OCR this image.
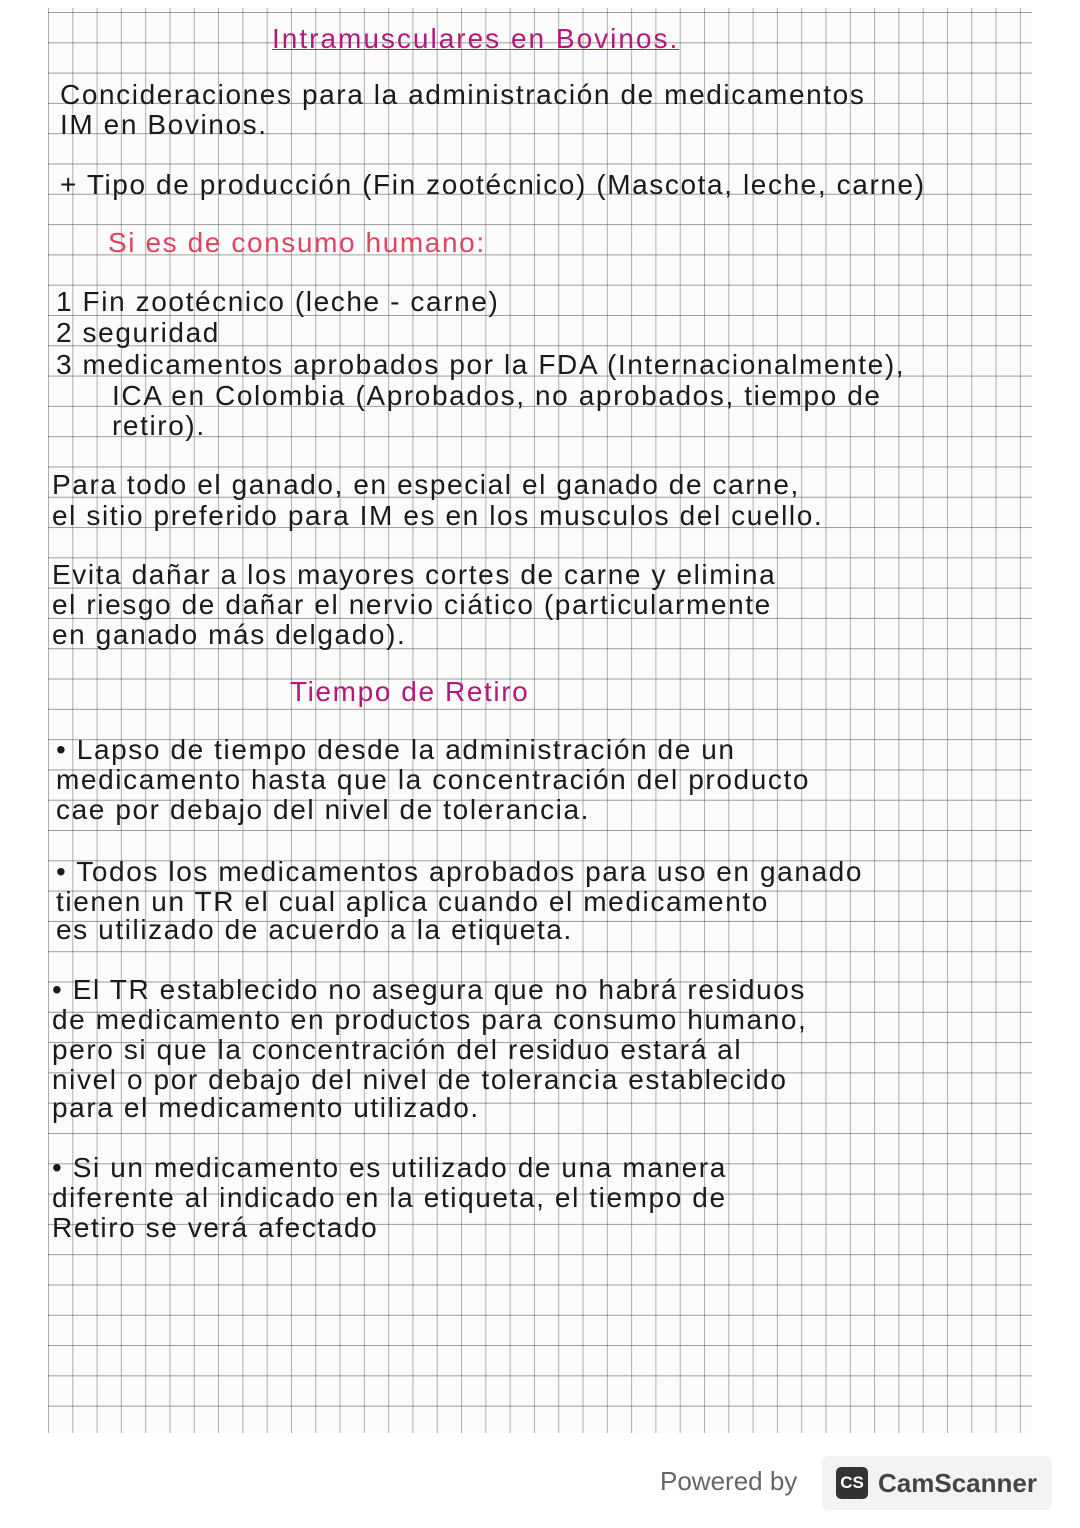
Intramusculares en Bovinos.
Concideraciones para la administración de medicamentos
IM en Bovinos.
+ Tipo de producción (Fin zootécnico) (Mascota, leche, carne)
Si es de consumo humano:
1 Fin zootécnico (leche - carne)
2 seguridad
3 medicamentos aprobados por la FDA (Internacionalmente),
ICA en Colombia (Aprobados, no aprobados, tiempo de
retiro).
Para todo el ganado, en especial el ganado de carne,
el sitio preferido para IM es en los musculos del cuello.
Evita dañar a los mayores cortes de carne y elimina
el riesgo de dañar el nervio ciático (particularmente
en ganado más delgado).
Tiempo de Retiro
• Lapso de tiempo desde la administración de un
medicamento hasta que la concentración del producto
cae por debajo del nivel de tolerancia.
• Todos los medicamentos aprobados para uso en ganado
tienen un TR el cual aplica cuando el medicamento
es utilizado de acuerdo a la etiqueta.
• El TR establecido no asegura que no habrá residuos
de medicamento en productos para consumo humano,
pero si que la concentración del residuo estará al
nivel o por debajo del nivel de tolerancia establecido
para el medicamento utilizado.
• Si un medicamento es utilizado de una manera
diferente al indicado en la etiqueta, el tiempo de
Retiro se verá afectado
Powered by	CS CamScanner
